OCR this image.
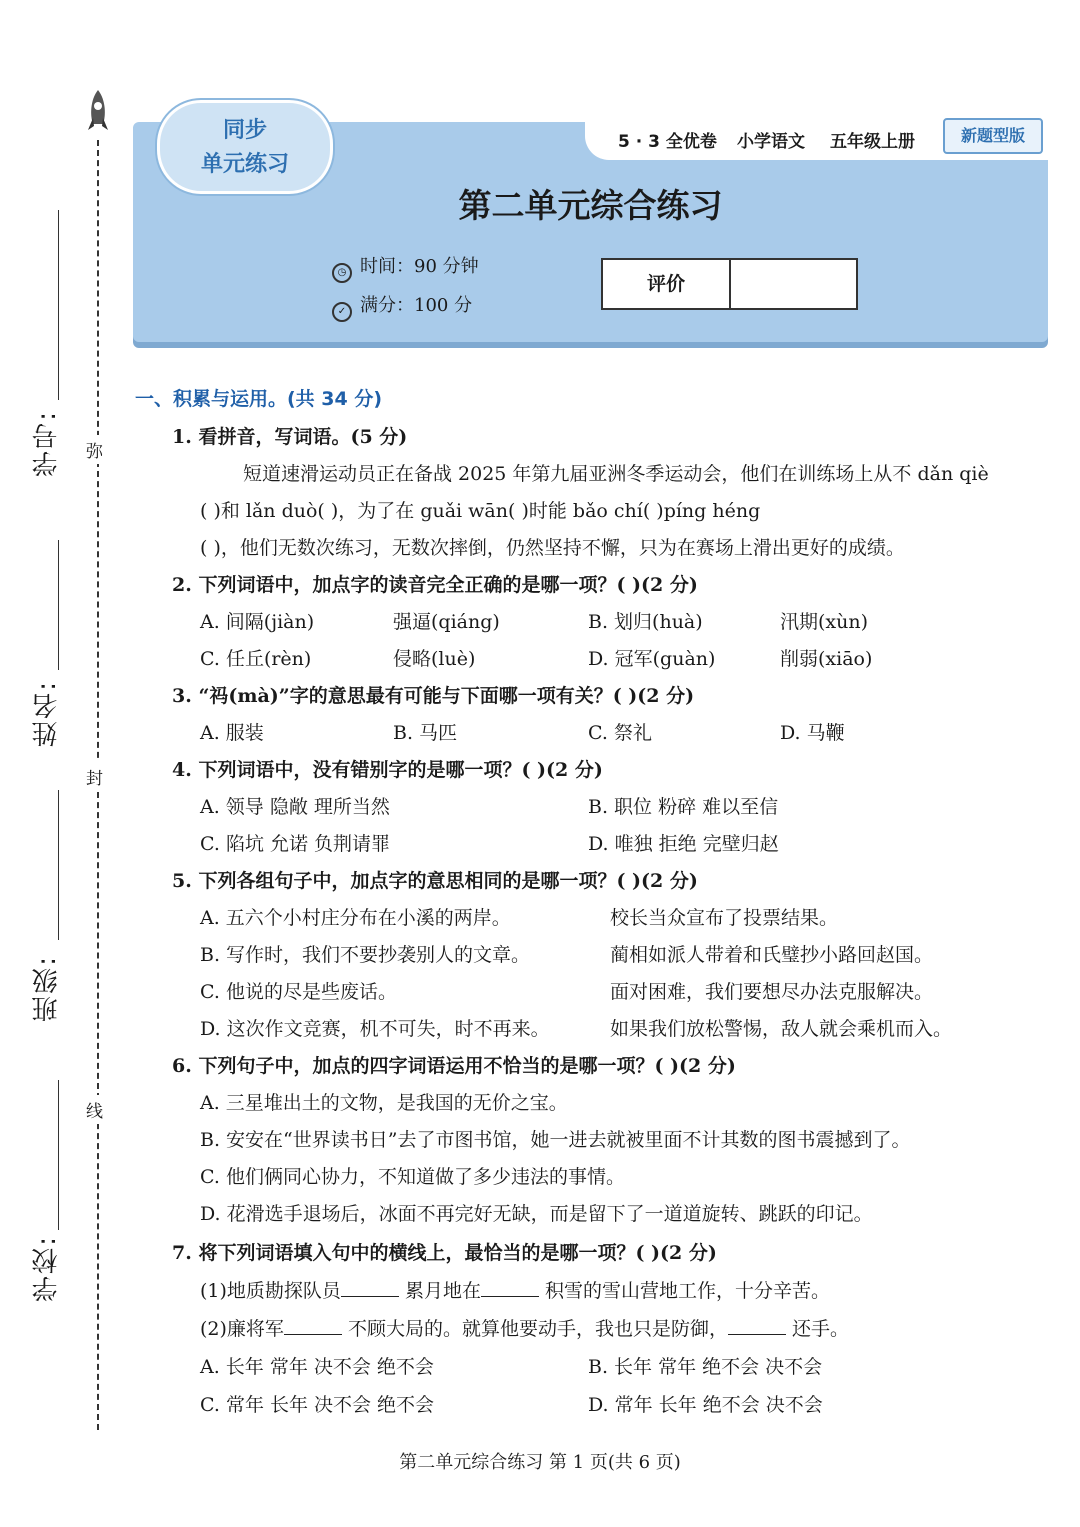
弥
封
线
学号:
姓名:
班级:
学校:
同步
单元练习
5 · 3 全优卷 小学语文 五年级上册	新题型版
第二单元综合练习
◷ 时间：90 分钟
✓ 满分：100 分
评价
一、积累与运用。(共 34 分)
1. 看拼音，写词语。(5 分)
短道速滑运动员正在备战 2025 年第九届亚洲冬季运动会，他们在训练场上从不 dǎn qiè
( )和 lǎn duò( )，为了在 guǎi wān( )时能 bǎo chí( )píng héng
( )，他们无数次练习，无数次摔倒，仍然坚持不懈，只为在赛场上滑出更好的成绩。
2. 下列词语中，加点字的读音完全正确的是哪一项？( )(2 分)
A. 间隔(jiàn)	强逼(qiáng)	B. 划归(huà)	汛期(xùn)
C. 任丘(rèn)	侵略(luè)	D. 冠军(guàn)	削弱(xiāo)
3. “祃(mà)”字的意思最有可能与下面哪一项有关？( )(2 分)
A. 服装	B. 马匹	C. 祭礼	D. 马鞭
4. 下列词语中，没有错别字的是哪一项？( )(2 分)
A. 领导 隐敞 理所当然	B. 职位 粉碎 难以至信
C. 陷坑 允诺 负荆请罪	D. 唯独 拒绝 完壁归赵
5. 下列各组句子中，加点字的意思相同的是哪一项？( )(2 分)
A. 五六个小村庄分布在小溪的两岸。	校长当众宣布了投票结果。
B. 写作时，我们不要抄袭别人的文章。	蔺相如派人带着和氏璧抄小路回赵国。
C. 他说的尽是些废话。	面对困难，我们要想尽办法克服解决。
D. 这次作文竞赛，机不可失，时不再来。	如果我们放松警惕，敌人就会乘机而入。
6. 下列句子中，加点的四字词语运用不恰当的是哪一项？( )(2 分)
A. 三星堆出土的文物，是我国的无价之宝。
B. 安安在“世界读书日”去了市图书馆，她一进去就被里面不计其数的图书震撼到了。
C. 他们俩同心协力，不知道做了多少违法的事情。
D. 花滑选手退场后，冰面不再完好无缺，而是留下了一道道旋转、跳跃的印记。
7. 将下列词语填入句中的横线上，最恰当的是哪一项？( )(2 分)
(1)地质勘探队员	累月地在	积雪的雪山营地工作，十分辛苦。
(2)廉将军	不顾大局的。就算他要动手，我也只是防御，	还手。
A. 长年 常年 决不会 绝不会	B. 长年 常年 绝不会 决不会
C. 常年 长年 决不会 绝不会	D. 常年 长年 绝不会 决不会
第二单元综合练习 第 1 页(共 6 页)
